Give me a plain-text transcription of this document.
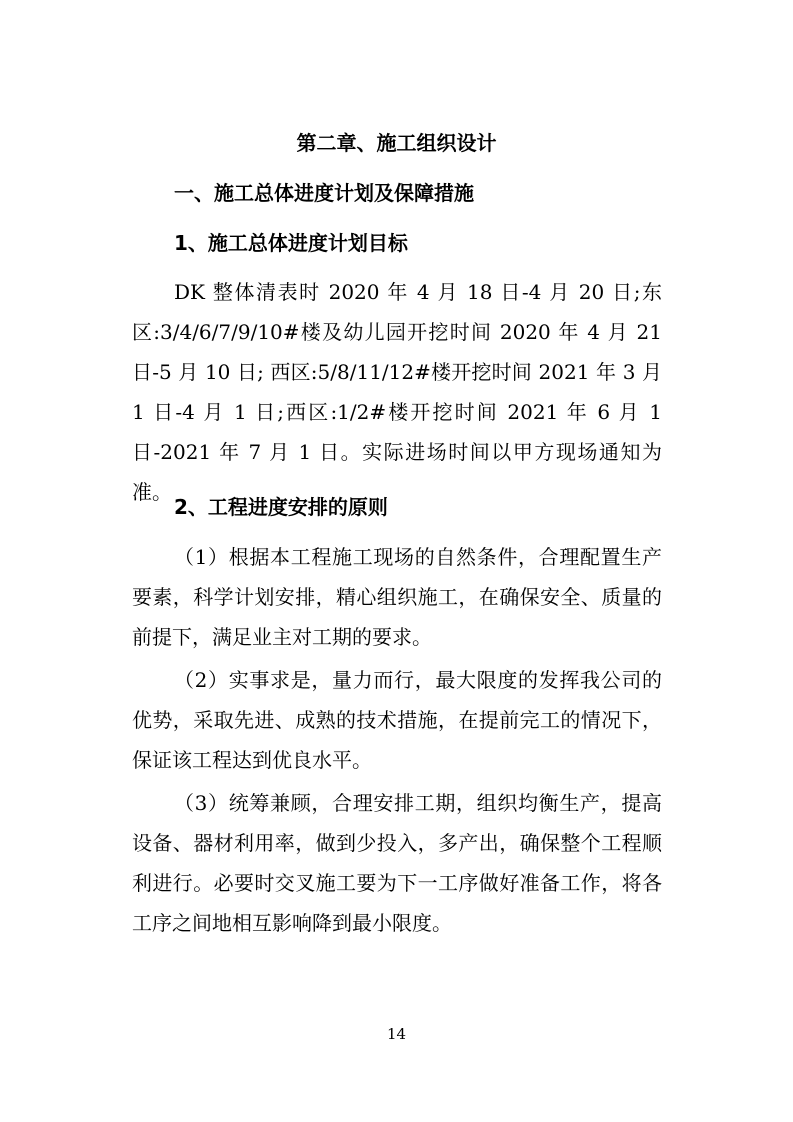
第二章、施工组织设计
一、施工总体进度计划及保障措施
1、施工总体进度计划目标

DK 整体清表时 2020 年 4 月 18 日-4 月 20 日;东区:3/4/6/7/9/10#楼及幼儿园开挖时间 2020 年 4 月 21 日-5 月 10 日; 西区:5/8/11/12#楼开挖时间 2021 年 3 月 1 日-4 月 1 日;西区:1/2#楼开挖时间 2021 年 6 月 1 日-2021 年 7 月 1 日。实际进场时间以甲方现场通知为准。

2、工程进度安排的原则

（1）根据本工程施工现场的自然条件，合理配置生产要素，科学计划安排，精心组织施工，在确保安全、质量的前提下，满足业主对工期的要求。

（2）实事求是，量力而行，最大限度的发挥我公司的优势，采取先进、成熟的技术措施，在提前完工的情况下，保证该工程达到优良水平。

（3）统筹兼顾，合理安排工期，组织均衡生产，提高设备、器材利用率，做到少投入，多产出，确保整个工程顺利进行。必要时交叉施工要为下一工序做好准备工作，将各工序之间地相互影响降到最小限度。

14
